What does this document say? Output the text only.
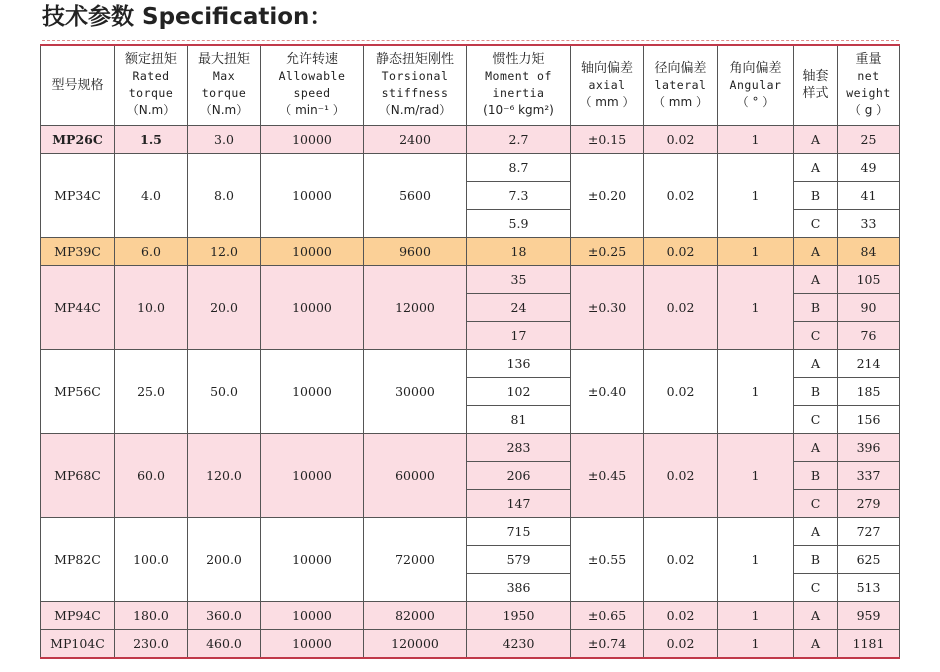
技术参数 Specification：
型号规格	额定扭矩
Rated
torque
（N.m）	最大扭矩
Max
torque
（N.m）	允许转速
Allowable
speed
（ min⁻¹ ）	静态扭矩刚性
Torsional
stiffness
（N.m/rad）	惯性力矩
Moment of
inertia
(10⁻⁶ kgm²)	轴向偏差
axial
（ mm ）	径向偏差
lateral
（ mm ）	角向偏差
Angular
（ ° ）	轴套
样式	重量
net
weight
（ g ）

MP26C	1.5	3.0	10000	2400	2.7	±0.15	0.02	1	A	25
MP34C	4.0	8.0	10000	5600	8.7	±0.20	0.02	1	A	49
					7.3				B	41
					5.9				C	33
MP39C	6.0	12.0	10000	9600	18	±0.25	0.02	1	A	84
MP44C	10.0	20.0	10000	12000	35	±0.30	0.02	1	A	105
					24				B	90
					17				C	76
MP56C	25.0	50.0	10000	30000	136	±0.40	0.02	1	A	214
					102				B	185
					81				C	156
MP68C	60.0	120.0	10000	60000	283	±0.45	0.02	1	A	396
					206				B	337
					147				C	279
MP82C	100.0	200.0	10000	72000	715	±0.55	0.02	1	A	727
					579				B	625
					386				C	513
MP94C	180.0	360.0	10000	82000	1950	±0.65	0.02	1	A	959
MP104C	230.0	460.0	10000	120000	4230	±0.74	0.02	1	A	1181
